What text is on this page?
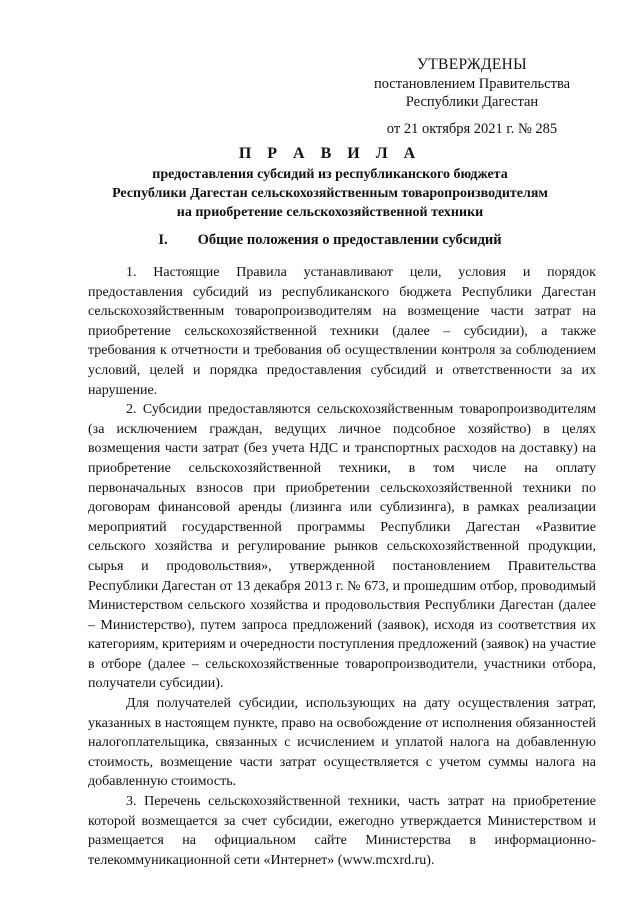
УТВЕРЖДЕНЫ
постановлением Правительства
Республики Дагестан
от 21 октября 2021 г. № 285
П Р А В И Л А
предоставления субсидий из республиканского бюджета
Республики Дагестан сельскохозяйственным товаропроизводителям
на приобретение сельскохозяйственной техники
I. Общие положения о предоставлении субсидий

1. Настоящие Правила устанавливают цели, условия и порядок предоставления субсидий из республиканского бюджета Республики Дагестан сельскохозяйственным товаропроизводителям на возмещение части затрат на приобретение сельскохозяйственной техники (далее – субсидии), а также требования к отчетности и требования об осуществлении контроля за соблюдением условий, целей и порядка предоставления субсидий и ответственности за их нарушение.

2. Субсидии предоставляются сельскохозяйственным товаропроизводителям (за исключением граждан, ведущих личное подсобное хозяйство) в целях возмещения части затрат (без учета НДС и транспортных расходов на доставку) на приобретение сельскохозяйственной техники, в том числе на оплату первоначальных взносов при приобретении сельскохозяйственной техники по договорам финансовой аренды (лизинга или сублизинга), в рамках реализации мероприятий государственной программы Республики Дагестан «Развитие сельского хозяйства и регулирование рынков сельскохозяйственной продукции, сырья и продовольствия», утвержденной постановлением Правительства Республики Дагестан от 13 декабря 2013 г. № 673, и прошедшим отбор, проводимый Министерством сельского хозяйства и продовольствия Республики Дагестан (далее – Министерство), путем запроса предложений (заявок), исходя из соответствия их категориям, критериям и очередности поступления предложений (заявок) на участие в отборе (далее – сельскохозяйственные товаропроизводители, участники отбора, получатели субсидии).

Для получателей субсидии, использующих на дату осуществления затрат, указанных в настоящем пункте, право на освобождение от исполнения обязанностей налогоплательщика, связанных с исчислением и уплатой налога на добавленную стоимость, возмещение части затрат осуществляется с учетом суммы налога на добавленную стоимость.

3. Перечень сельскохозяйственной техники, часть затрат на приобретение которой возмещается за счет субсидии, ежегодно утверждается Министерством и размещается на официальном сайте Министерства в информационно-телекоммуникационной сети «Интернет» (www.mcxrd.ru).
